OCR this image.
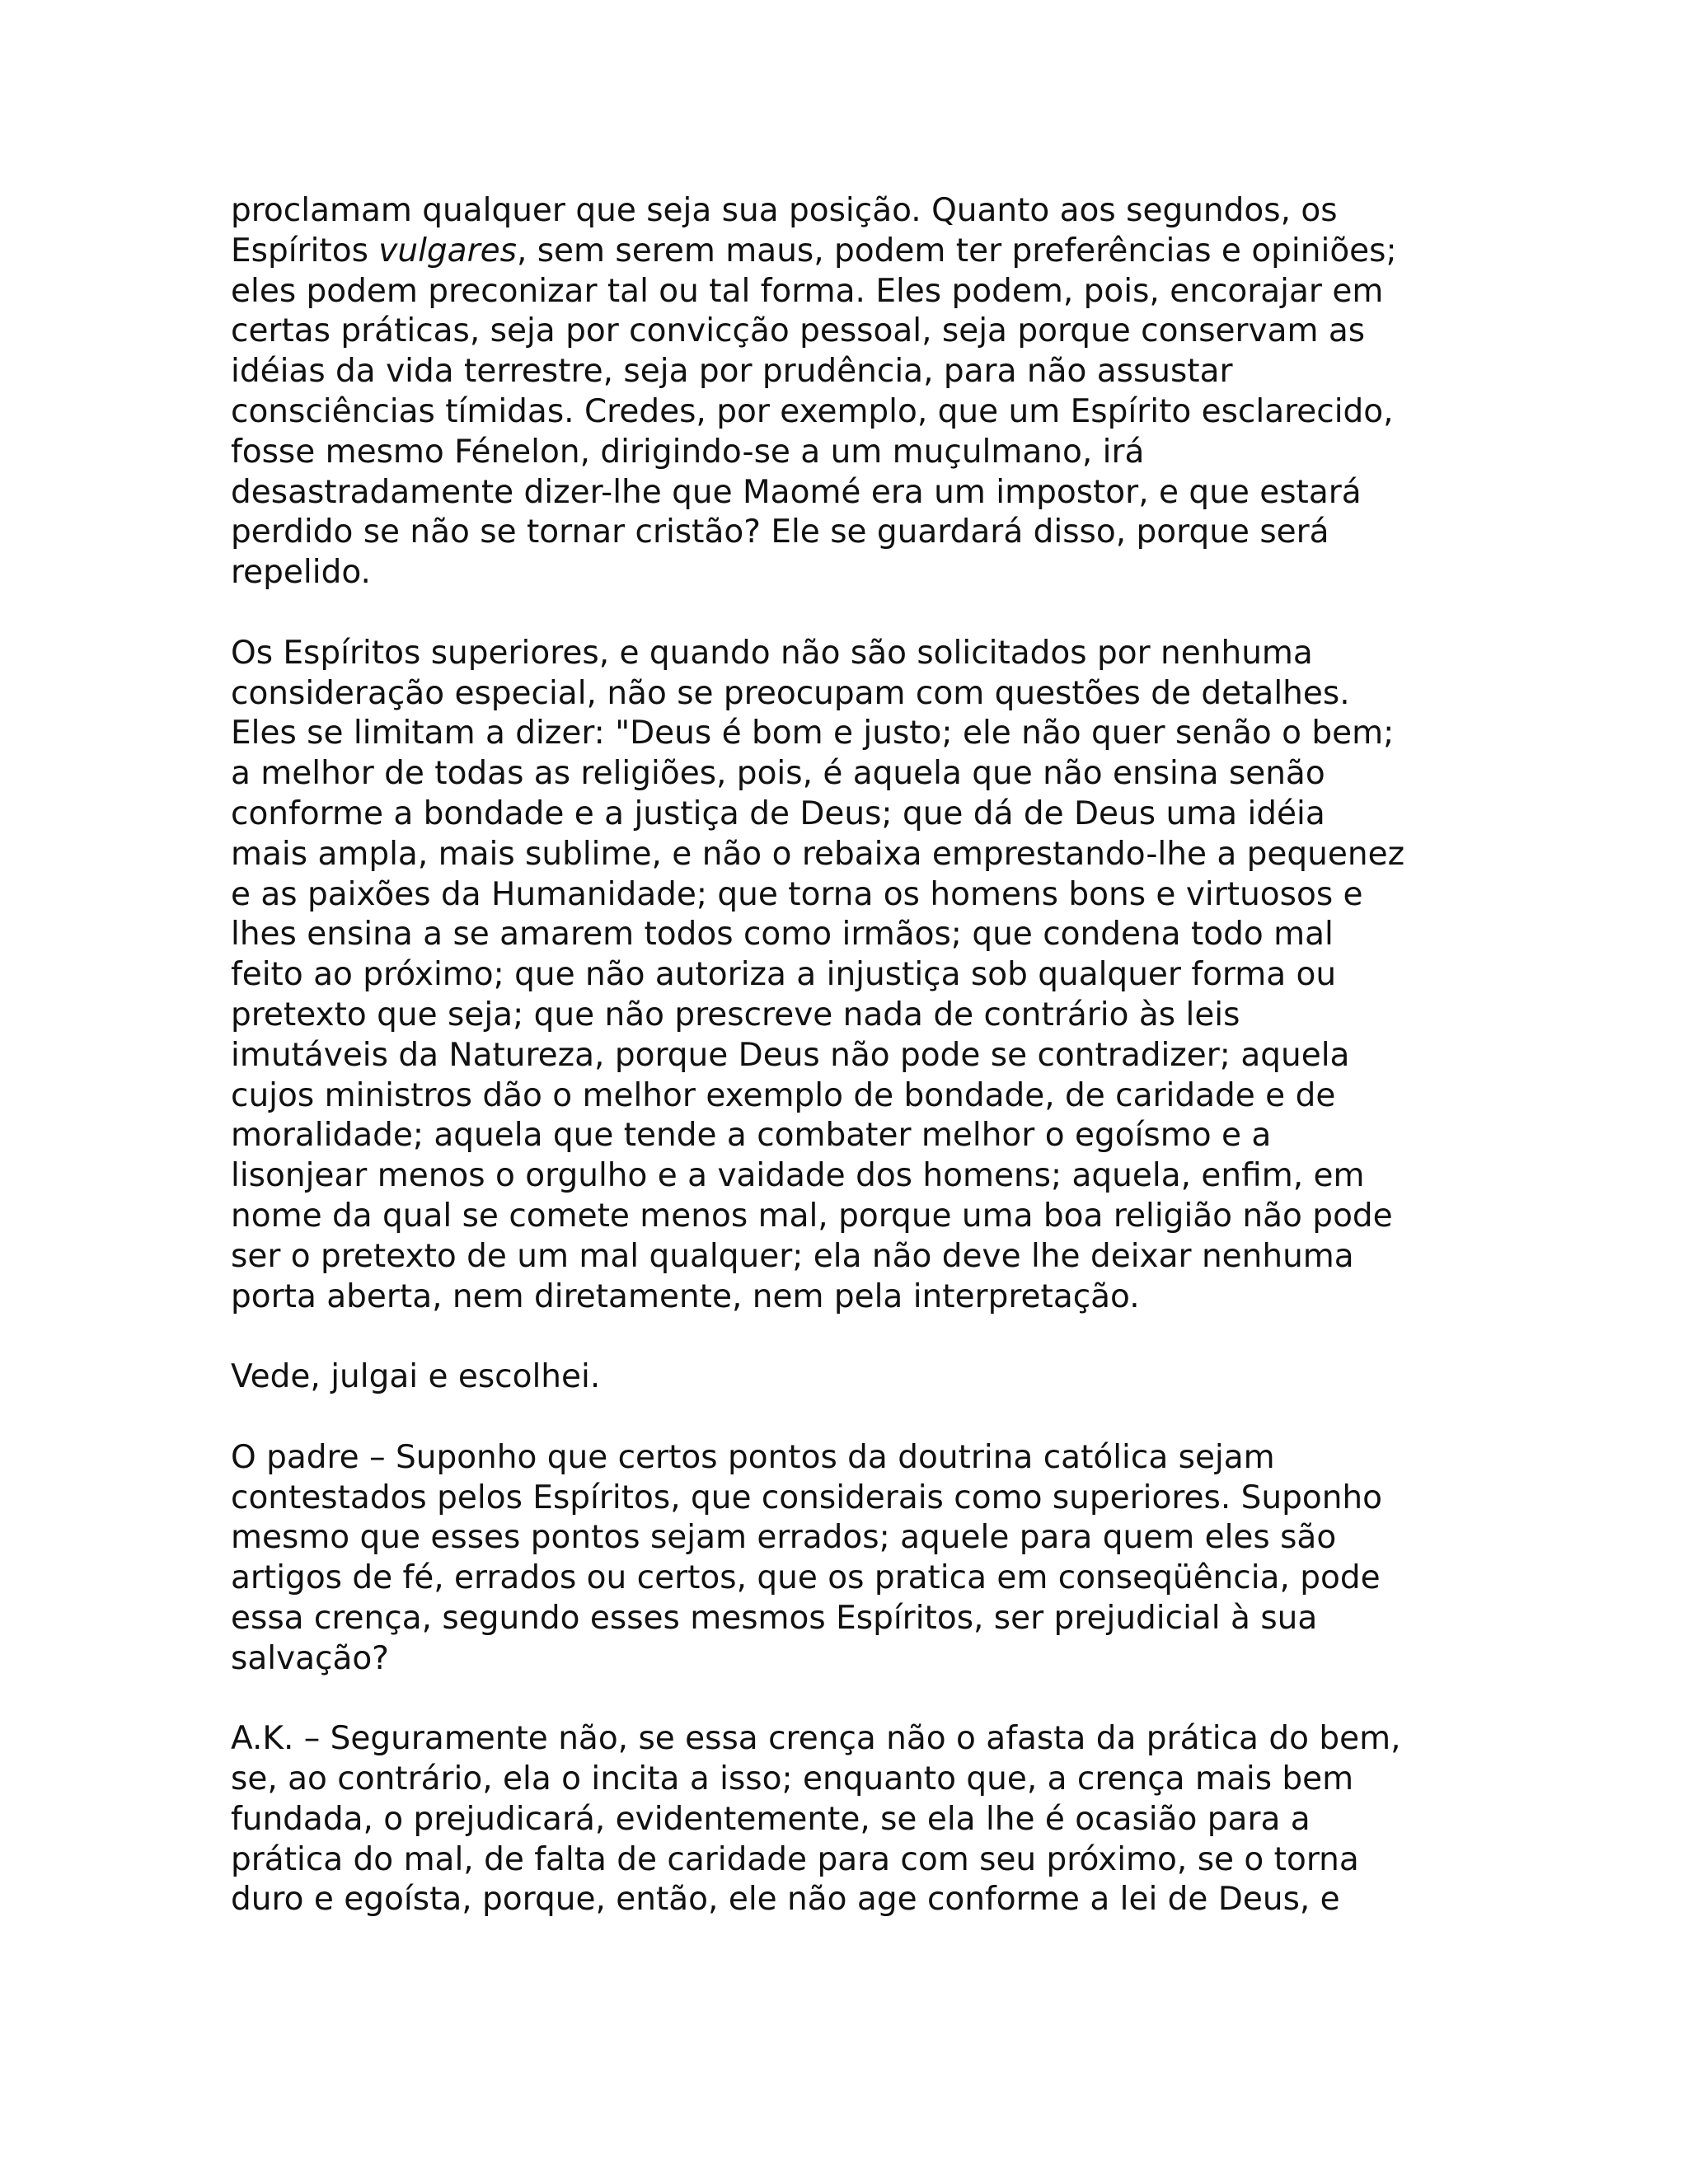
proclamam qualquer que seja sua posição. Quanto aos segundos, os
Espíritos vulgares, sem serem maus, podem ter preferências e opiniões;
eles podem preconizar tal ou tal forma. Eles podem, pois, encorajar em
certas práticas, seja por convicção pessoal, seja porque conservam as
idéias da vida terrestre, seja por prudência, para não assustar
consciências tímidas. Credes, por exemplo, que um Espírito esclarecido,
fosse mesmo Fénelon, dirigindo-se a um muçulmano, irá
desastradamente dizer-lhe que Maomé era um impostor, e que estará
perdido se não se tornar cristão? Ele se guardará disso, porque será
repelido.

Os Espíritos superiores, e quando não são solicitados por nenhuma
consideração especial, não se preocupam com questões de detalhes.
Eles se limitam a dizer: "Deus é bom e justo; ele não quer senão o bem;
a melhor de todas as religiões, pois, é aquela que não ensina senão
conforme a bondade e a justiça de Deus; que dá de Deus uma idéia
mais ampla, mais sublime, e não o rebaixa emprestando-lhe a pequenez
e as paixões da Humanidade; que torna os homens bons e virtuosos e
lhes ensina a se amarem todos como irmãos; que condena todo mal
feito ao próximo; que não autoriza a injustiça sob qualquer forma ou
pretexto que seja; que não prescreve nada de contrário às leis
imutáveis da Natureza, porque Deus não pode se contradizer; aquela
cujos ministros dão o melhor exemplo de bondade, de caridade e de
moralidade; aquela que tende a combater melhor o egoísmo e a
lisonjear menos o orgulho e a vaidade dos homens; aquela, enfim, em
nome da qual se comete menos mal, porque uma boa religião não pode
ser o pretexto de um mal qualquer; ela não deve lhe deixar nenhuma
porta aberta, nem diretamente, nem pela interpretação.

Vede, julgai e escolhei.

O padre – Suponho que certos pontos da doutrina católica sejam
contestados pelos Espíritos, que considerais como superiores. Suponho
mesmo que esses pontos sejam errados; aquele para quem eles são
artigos de fé, errados ou certos, que os pratica em conseqüência, pode
essa crença, segundo esses mesmos Espíritos, ser prejudicial à sua
salvação?

A.K. – Seguramente não, se essa crença não o afasta da prática do bem,
se, ao contrário, ela o incita a isso; enquanto que, a crença mais bem
fundada, o prejudicará, evidentemente, se ela lhe é ocasião para a
prática do mal, de falta de caridade para com seu próximo, se o torna
duro e egoísta, porque, então, ele não age conforme a lei de Deus, e
